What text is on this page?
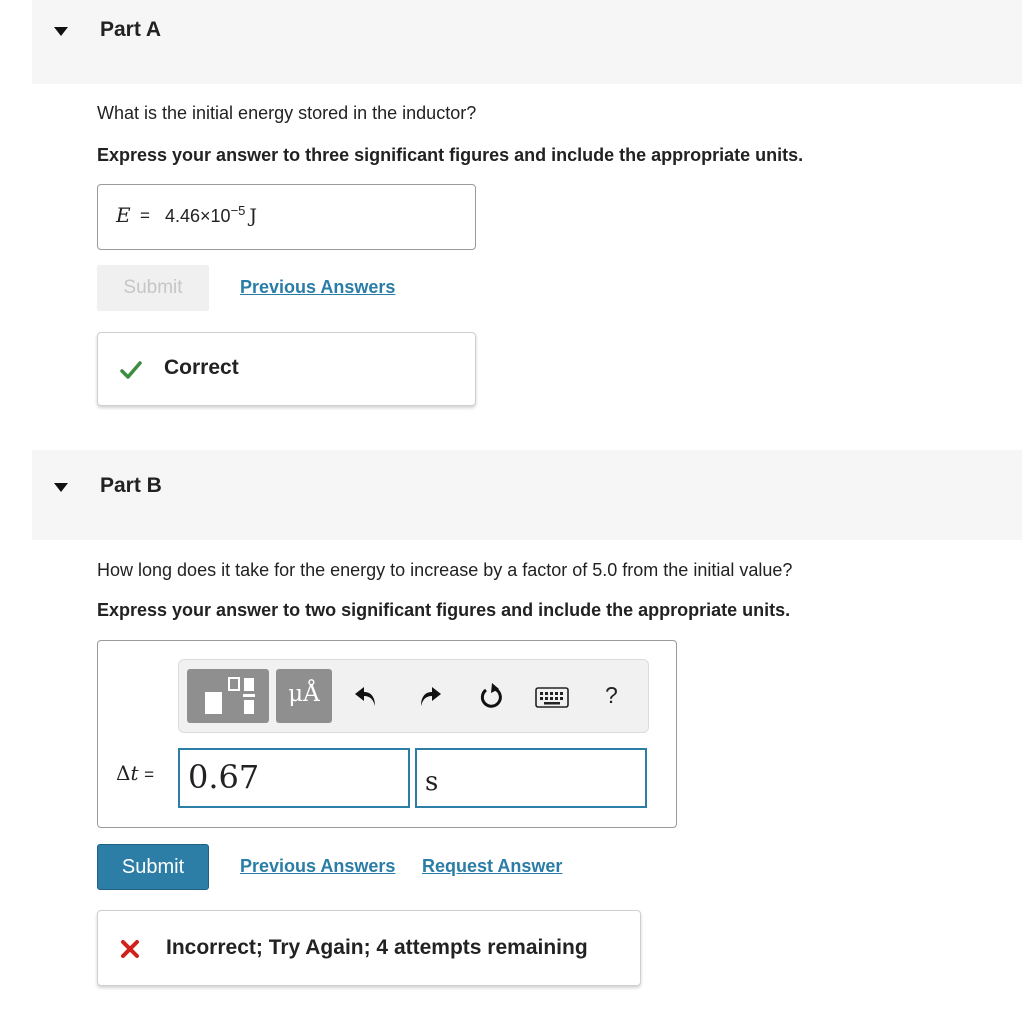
Part A
What is the initial energy stored in the inductor?
Express your answer to three significant figures and include the appropriate units.
$E = 4.46\times 10^{-5}$ J
Submit	Previous Answers
Correct
Part B
How long does it take for the energy to increase by a factor of 5.0 from the initial value?
Express your answer to two significant figures and include the appropriate units.
μÅ	?
Δt =	0.67	s
Submit	Previous Answers Request Answer
Incorrect; Try Again; 4 attempts remaining
